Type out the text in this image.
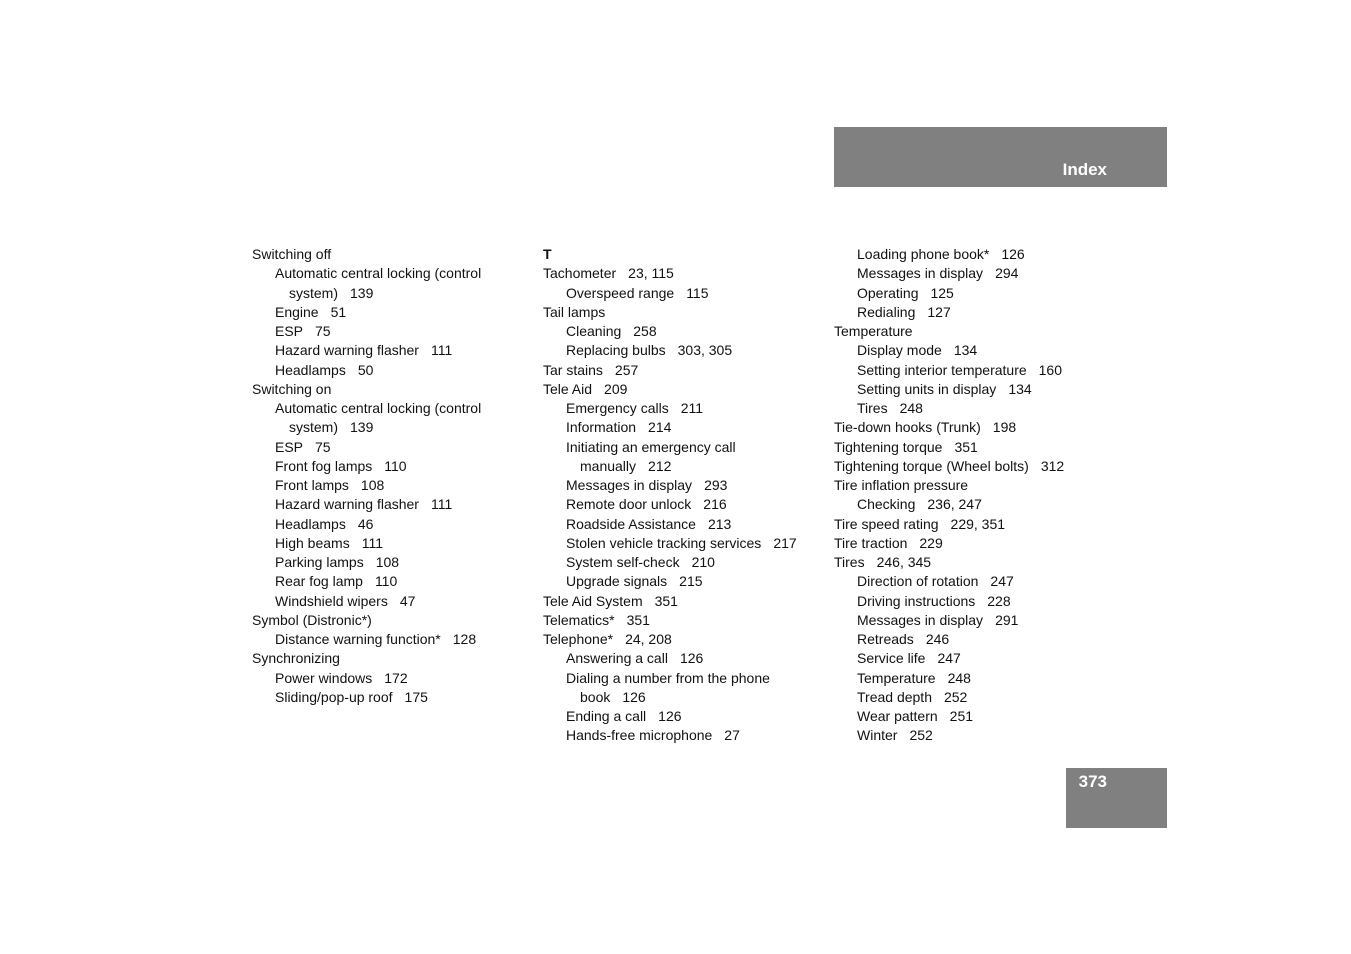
Index
Switching off
Automatic central locking (control
system) 139
Engine 51
ESP 75
Hazard warning flasher 111
Headlamps 50
Switching on
Automatic central locking (control
system) 139
ESP 75
Front fog lamps 110
Front lamps 108
Hazard warning flasher 111
Headlamps 46
High beams 111
Parking lamps 108
Rear fog lamp 110
Windshield wipers 47
Symbol (Distronic*)
Distance warning function* 128
Synchronizing
Power windows 172
Sliding/pop-up roof 175
T
Tachometer 23, 115
Overspeed range 115
Tail lamps
Cleaning 258
Replacing bulbs 303, 305
Tar stains 257
Tele Aid 209
Emergency calls 211
Information 214
Initiating an emergency call
manually 212
Messages in display 293
Remote door unlock 216
Roadside Assistance 213
Stolen vehicle tracking services 217
System self-check 210
Upgrade signals 215
Tele Aid System 351
Telematics* 351
Telephone* 24, 208
Answering a call 126
Dialing a number from the phone
book 126
Ending a call 126
Hands-free microphone 27
Loading phone book* 126
Messages in display 294
Operating 125
Redialing 127
Temperature
Display mode 134
Setting interior temperature 160
Setting units in display 134
Tires 248
Tie-down hooks (Trunk) 198
Tightening torque 351
Tightening torque (Wheel bolts) 312
Tire inflation pressure
Checking 236, 247
Tire speed rating 229, 351
Tire traction 229
Tires 246, 345
Direction of rotation 247
Driving instructions 228
Messages in display 291
Retreads 246
Service life 247
Temperature 248
Tread depth 252
Wear pattern 251
Winter 252
373
